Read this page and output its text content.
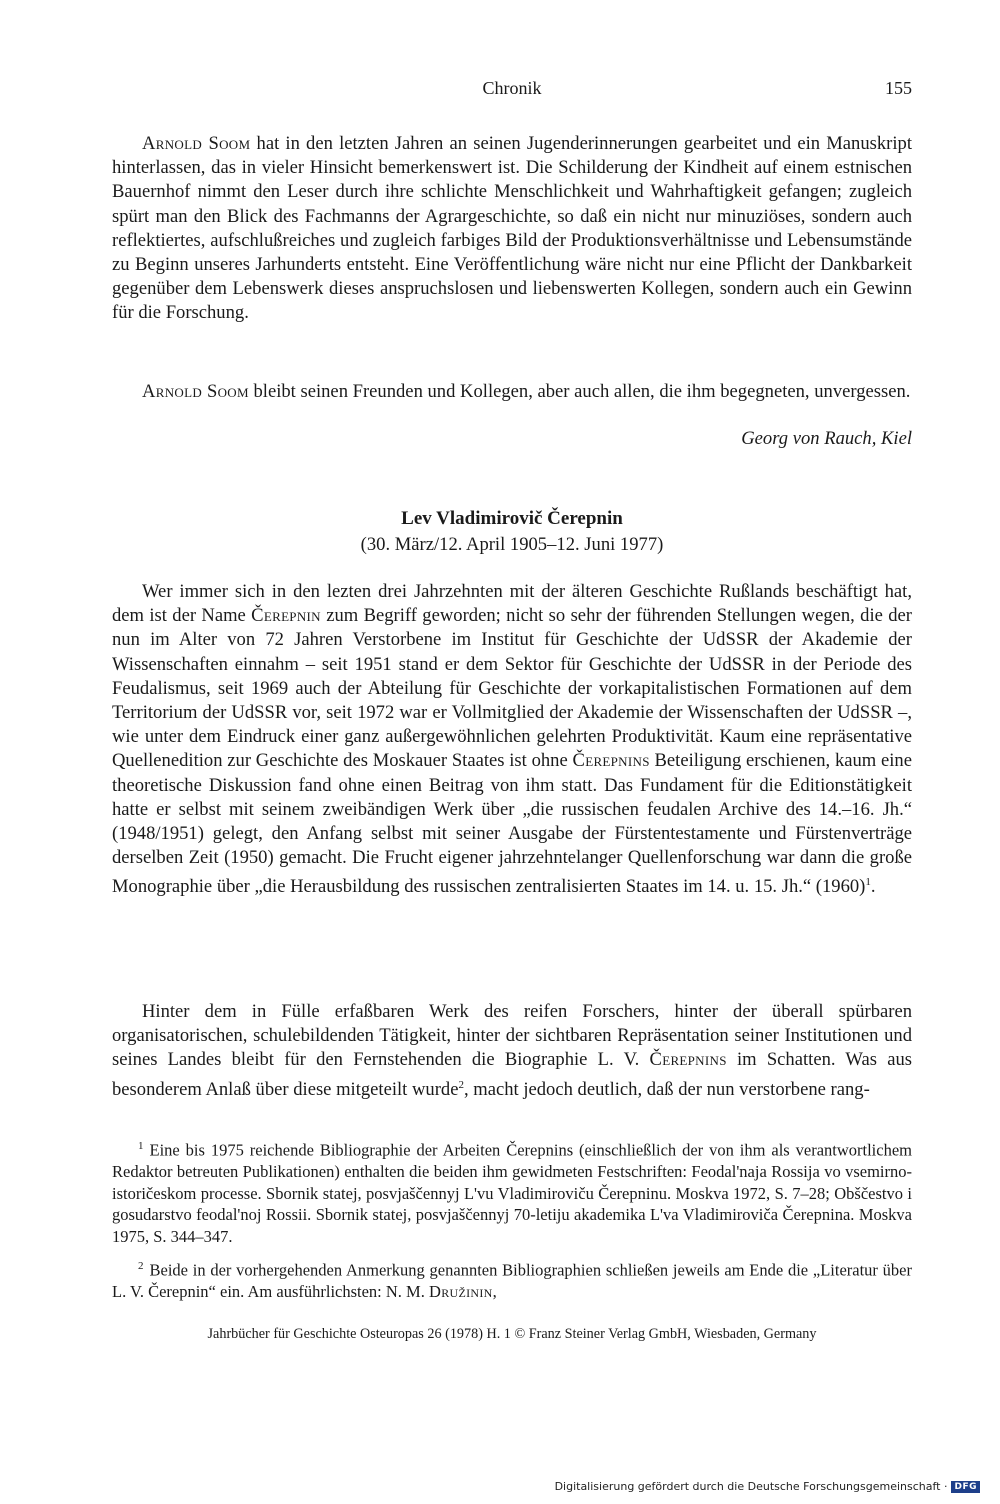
Chronik	155

Arnold Soom hat in den letzten Jahren an seinen Jugenderinnerungen gearbeitet und ein Manuskript hinterlassen, das in vieler Hinsicht bemerkenswert ist. Die Schilderung der Kindheit auf einem estnischen Bauernhof nimmt den Leser durch ihre schlichte Menschlichkeit und Wahrhaftigkeit gefangen; zugleich spürt man den Blick des Fachmanns der Agrargeschichte, so daß ein nicht nur minuziöses, sondern auch reflektiertes, aufschlußreiches und zugleich farbiges Bild der Produktionsverhältnisse und Lebensumstände zu Beginn unseres Jarhunderts entsteht. Eine Veröffentlichung wäre nicht nur eine Pflicht der Dankbarkeit gegenüber dem Lebenswerk dieses anspruchslosen und liebenswerten Kollegen, sondern auch ein Gewinn für die Forschung.

Arnold Soom bleibt seinen Freunden und Kollegen, aber auch allen, die ihm begegneten, unvergessen.

Georg von Rauch, Kiel
Lev Vladimirovič Čerepnin
(30. März/12. April 1905–12. Juni 1977)

Wer immer sich in den lezten drei Jahrzehnten mit der älteren Geschichte Rußlands beschäftigt hat, dem ist der Name Čerepnin zum Begriff geworden; nicht so sehr der führenden Stellungen wegen, die der nun im Alter von 72 Jahren Verstorbene im Institut für Geschichte der UdSSR der Akademie der Wissenschaften einnahm – seit 1951 stand er dem Sektor für Geschichte der UdSSR in der Periode des Feudalismus, seit 1969 auch der Abteilung für Geschichte der vorkapitalistischen Formationen auf dem Territorium der UdSSR vor, seit 1972 war er Vollmitglied der Akademie der Wissenschaften der UdSSR –, wie unter dem Eindruck einer ganz außergewöhnlichen gelehrten Produktivität. Kaum eine repräsentative Quellenedition zur Geschichte des Moskauer Staates ist ohne Čerepnins Beteiligung erschienen, kaum eine theoretische Diskussion fand ohne einen Beitrag von ihm statt. Das Fundament für die Editionstätigkeit hatte er selbst mit seinem zweibändigen Werk über „die russischen feudalen Archive des 14.–16. Jh.“ (1948/1951) gelegt, den Anfang selbst mit seiner Ausgabe der Fürstentestamente und Fürstenverträge derselben Zeit (1950) gemacht. Die Frucht eigener jahrzehntelanger Quellenforschung war dann die große Monographie über „die Herausbildung des russischen zentralisierten Staates im 14. u. 15. Jh.“ (1960)$^1$.

Hinter dem in Fülle erfaßbaren Werk des reifen Forschers, hinter der überall spürbaren organisatorischen, schulebildenden Tätigkeit, hinter der sichtbaren Repräsentation seiner Institutionen und seines Landes bleibt für den Fernstehenden die Biographie L. V. Čerepnins im Schatten. Was aus besonderem Anlaß über diese mitgeteilt wurde$^2$, macht jedoch deutlich, daß der nun verstorbene rang-

$^1$ Eine bis 1975 reichende Bibliographie der Arbeiten Čerepnins (einschließlich der von ihm als verantwortlichem Redaktor betreuten Publikationen) enthalten die beiden ihm gewidmeten Festschriften: Feodal'naja Rossija vo vsemirno-istoričeskom processe. Sbornik statej, posvjaščennyj L'vu Vladimiroviču Čerepninu. Moskva 1972, S. 7–28; Obščestvo i gosudarstvo feodal'noj Rossii. Sbornik statej, posvjaščennyj 70-letiju akademika L'va Vladimiroviča Čerepnina. Moskva 1975, S. 344–347.

$^2$ Beide in der vorhergehenden Anmerkung genannten Bibliographien schließen jeweils am Ende die „Literatur über L. V. Čerepnin“ ein. Am ausführlichsten: N. M. Družinin,

Jahrbücher für Geschichte Osteuropas 26 (1978) H. 1 © Franz Steiner Verlag GmbH, Wiesbaden, Germany
Digitalisierung gefördert durch die Deutsche Forschungsgemeinschaft · DFG
